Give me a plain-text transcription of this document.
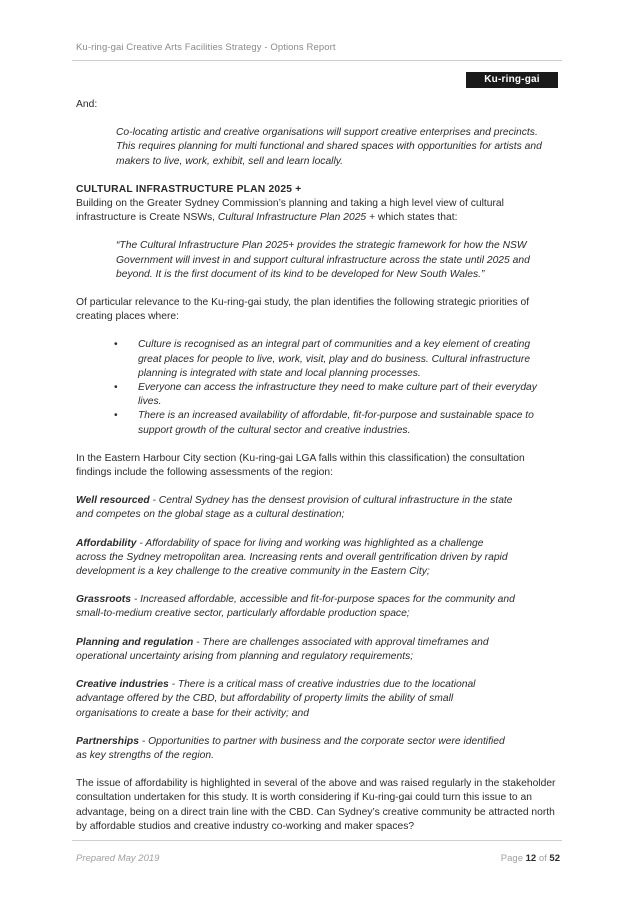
Ku-ring-gai Creative Arts Facilities Strategy - Options Report
Ku-ring-gai Council

And:

Co-locating artistic and creative organisations will support creative enterprises and precincts. This requires planning for multi functional and shared spaces with opportunities for artists and makers to live, work, exhibit, sell and learn locally.

CULTURAL INFRASTRUCTURE PLAN 2025 +

Building on the Greater Sydney Commission’s planning and taking a high level view of cultural infrastructure is Create NSWs, Cultural Infrastructure Plan 2025 + which states that:

“The Cultural Infrastructure Plan 2025+ provides the strategic framework for how the NSW Government will invest in and support cultural infrastructure across the state until 2025 and beyond. It is the first document of its kind to be developed for New South Wales.”

Of particular relevance to the Ku-ring-gai study, the plan identifies the following strategic priorities of creating places where:

• Culture is recognised as an integral part of communities and a key element of creating great places for people to live, work, visit, play and do business. Cultural infrastructure planning is integrated with state and local planning processes.
• Everyone can access the infrastructure they need to make culture part of their everyday lives.
• There is an increased availability of affordable, fit-for-purpose and sustainable space to support growth of the cultural sector and creative industries.

In the Eastern Harbour City section (Ku-ring-gai LGA falls within this classification) the consultation findings include the following assessments of the region:

Well resourced - Central Sydney has the densest provision of cultural infrastructure in the state and competes on the global stage as a cultural destination;

Affordability - Affordability of space for living and working was highlighted as a challenge across the Sydney metropolitan area. Increasing rents and overall gentrification driven by rapid development is a key challenge to the creative community in the Eastern City;

Grassroots - Increased affordable, accessible and fit-for-purpose spaces for the community and small-to-medium creative sector, particularly affordable production space;

Planning and regulation - There are challenges associated with approval timeframes and operational uncertainty arising from planning and regulatory requirements;

Creative industries - There is a critical mass of creative industries due to the locational advantage offered by the CBD, but affordability of property limits the ability of small organisations to create a base for their activity; and

Partnerships - Opportunities to partner with business and the corporate sector were identified as key strengths of the region.

The issue of affordability is highlighted in several of the above and was raised regularly in the stakeholder consultation undertaken for this study. It is worth considering if Ku-ring-gai could turn this issue to an advantage, being on a direct train line with the CBD. Can Sydney’s creative community be attracted north by affordable studios and creative industry co-working and maker spaces?

Prepared May 2019	Page 12 of 52
